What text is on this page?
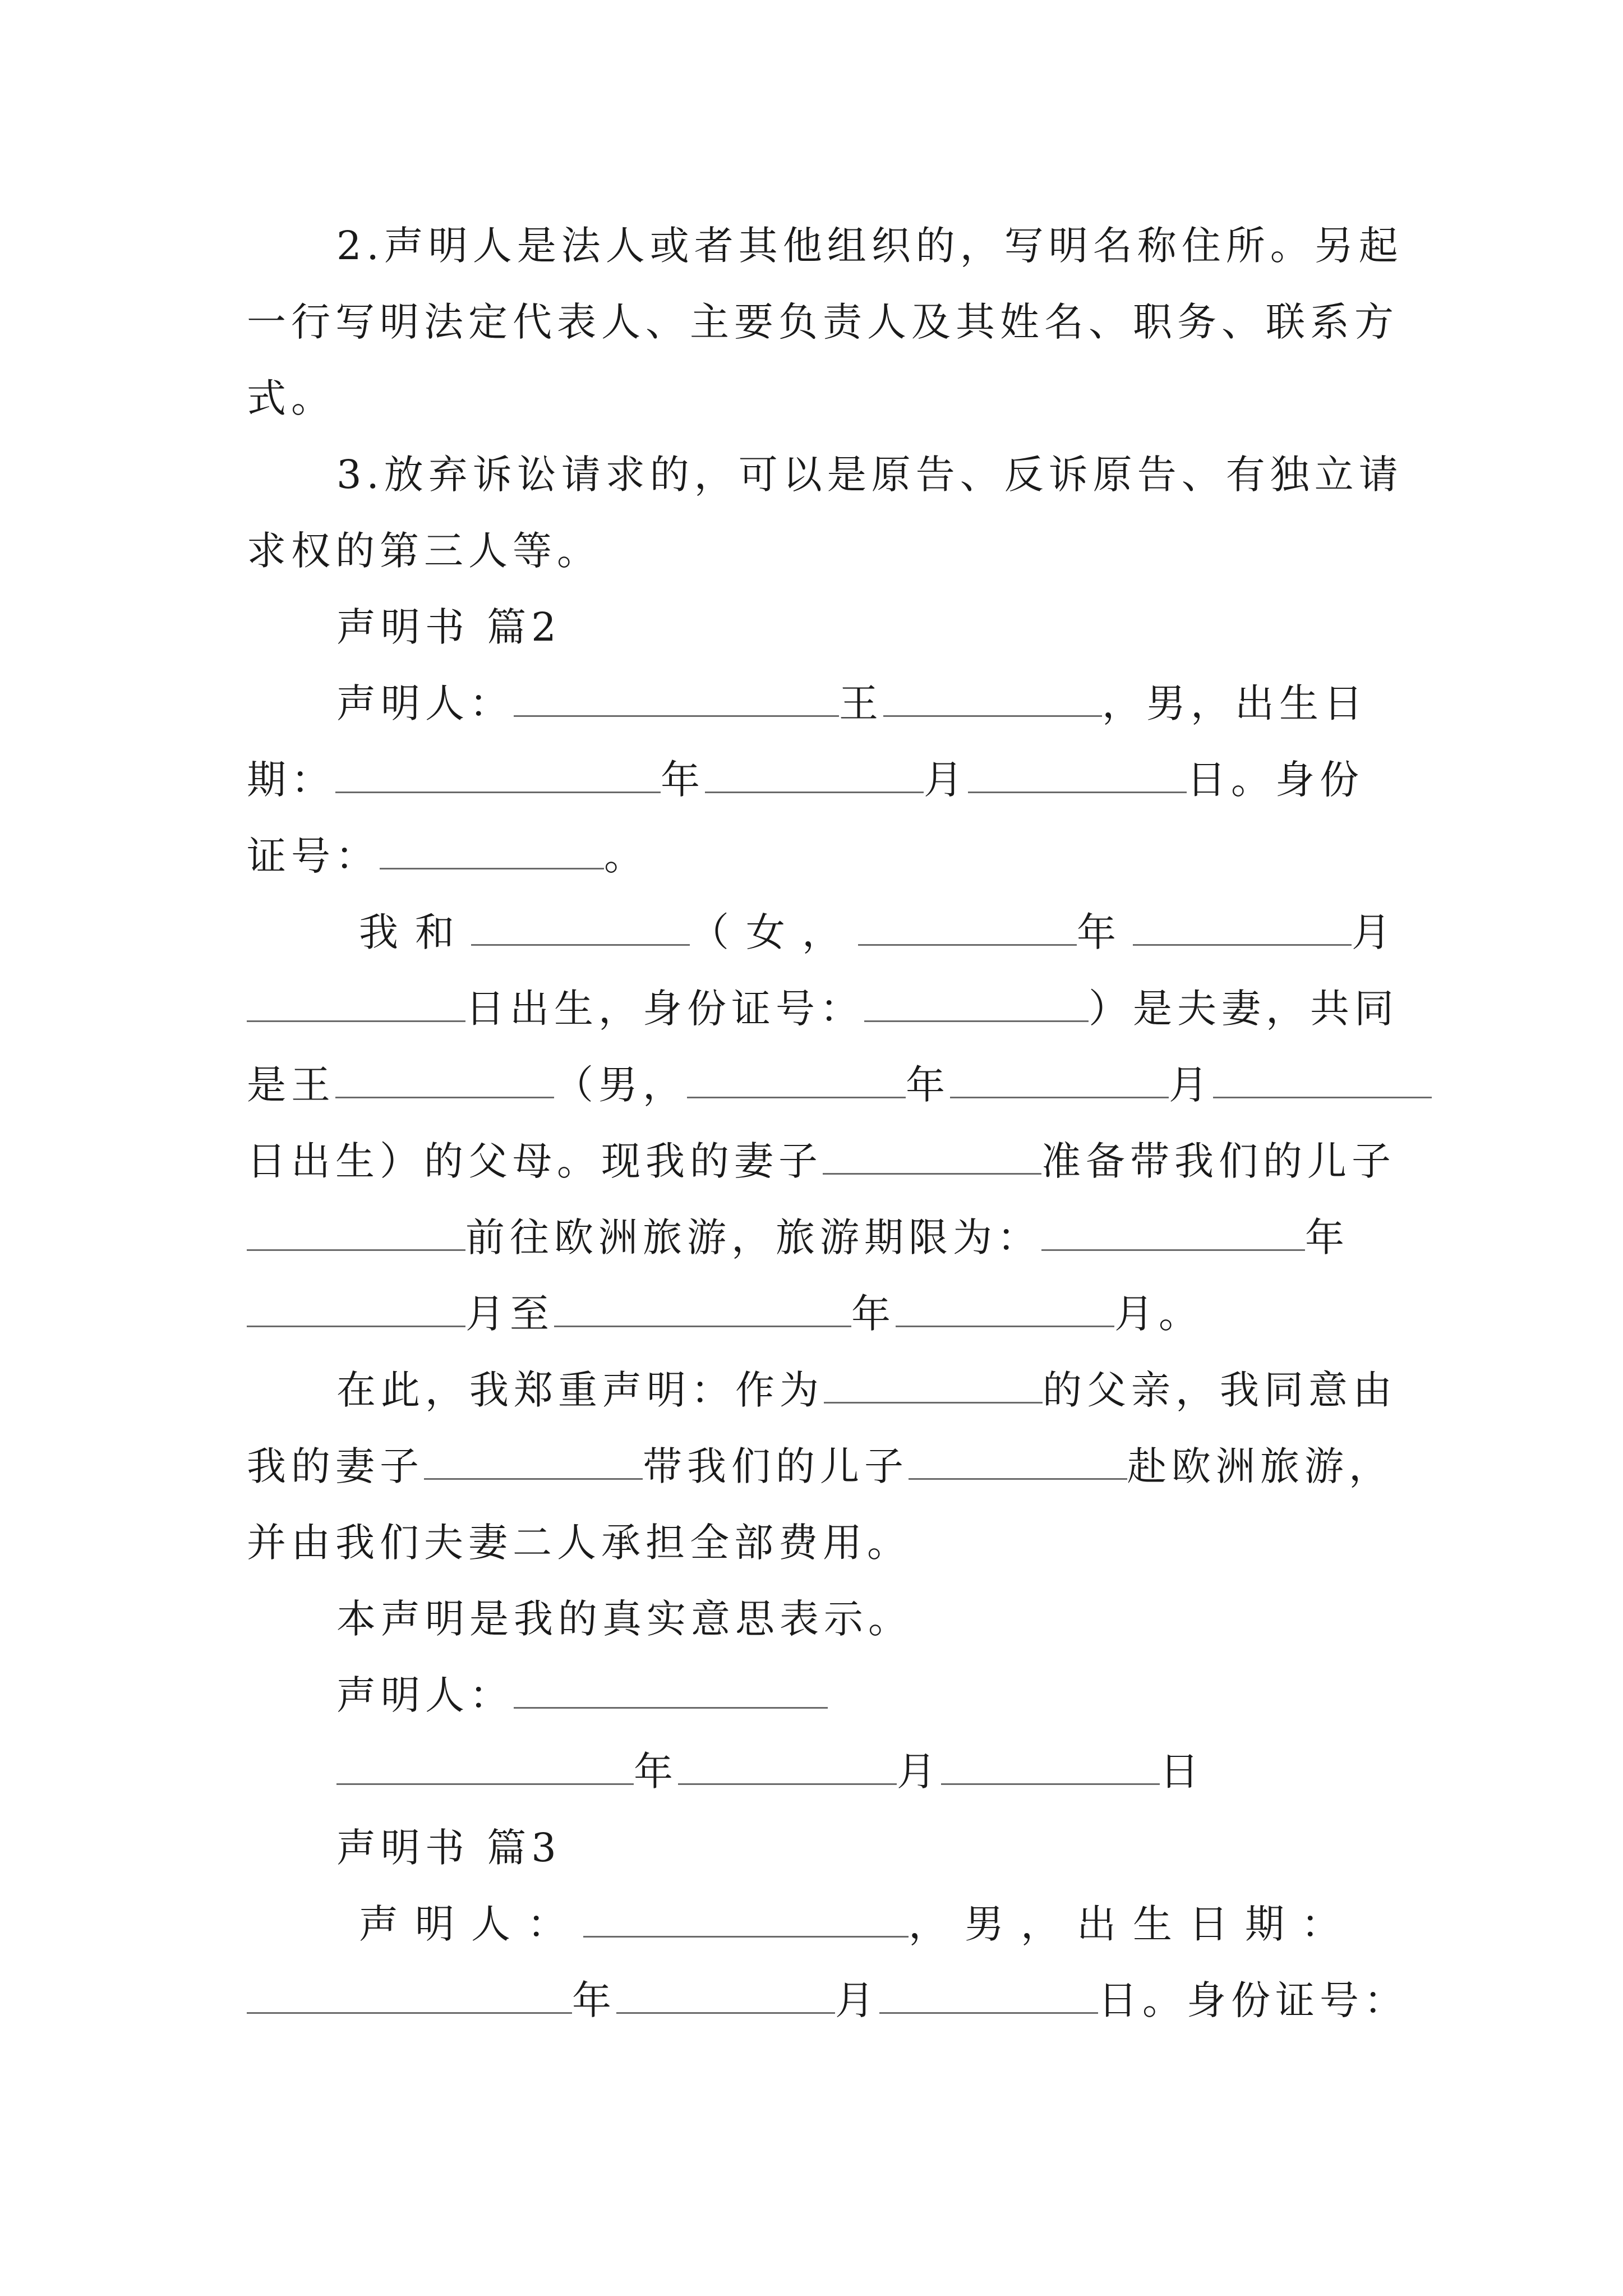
2.声明人是法人或者其他组织的，写明名称住所。另起
一行写明法定代表人、主要负责人及其姓名、职务、联系方
式。
3.放弃诉讼请求的，可以是原告、反诉原告、有独立请
求权的第三人等。
声明书 篇2
声明人：	王	，男，出生日
期：	年	月	日。身份
证号：	。
我和	（女，	年	月
日出生，身份证号：	）是夫妻，共同
是王	（男，	年	月
日出生）的父母。现我的妻子	准备带我们的儿子
前往欧洲旅游，旅游期限为：	年
月至	年	月。
在此，我郑重声明：作为	的父亲，我同意由
我的妻子	带我们的儿子	赴欧洲旅游，
并由我们夫妻二人承担全部费用。
本声明是我的真实意思表示。
声明人：
年	月	日
声明书 篇3
声明人：	，男，出生日期：
年	月	日。身份证号：
